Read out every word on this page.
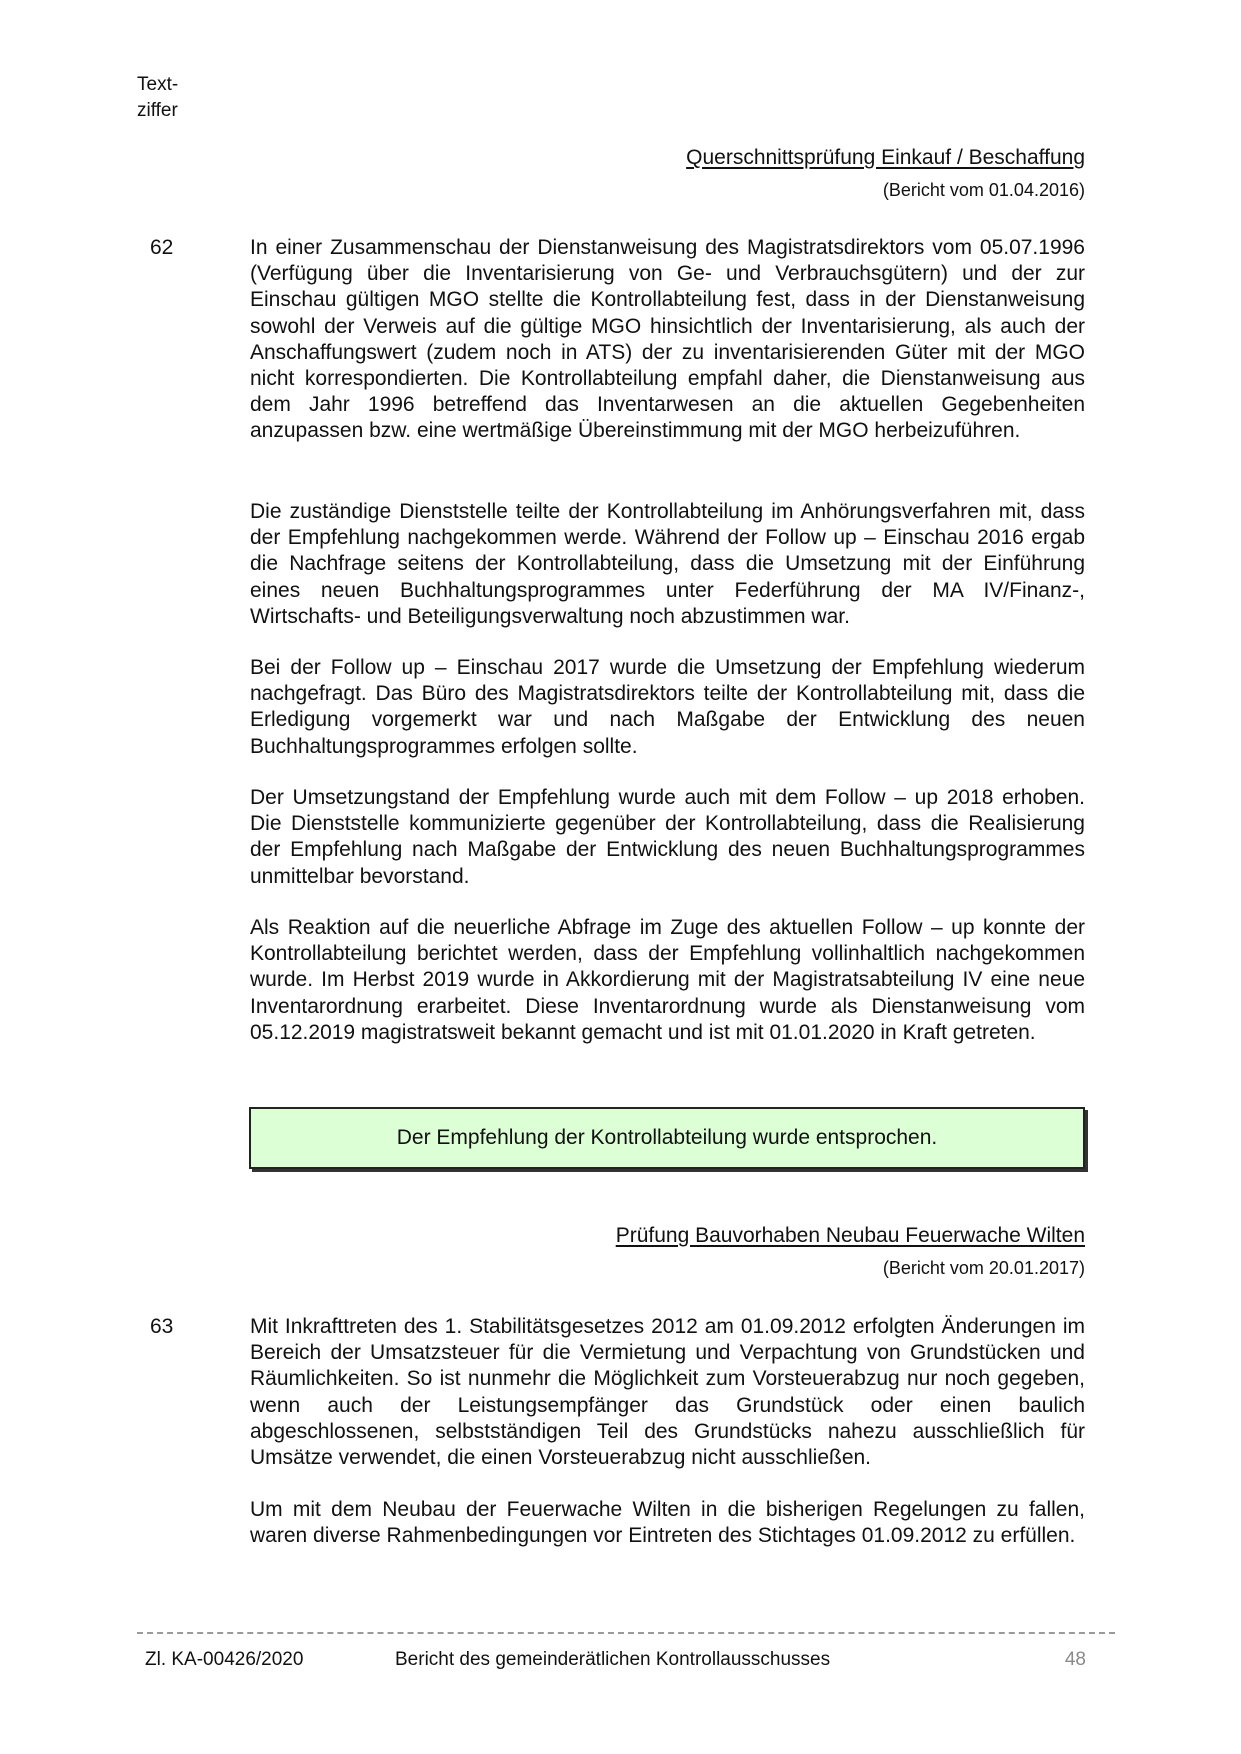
Text-
ziffer
Querschnittsprüfung Einkauf / Beschaffung
(Bericht vom 01.04.2016)
62	In einer Zusammenschau der Dienstanweisung des Magistratsdirektors vom 05.07.1996 (Verfügung über die Inventarisierung von Ge- und Verbrauchsgütern) und der zur Einschau gültigen MGO stellte die Kontrollabteilung fest, dass in der Dienstanweisung sowohl der Verweis auf die gültige MGO hinsichtlich der Inventarisierung, als auch der Anschaffungswert (zudem noch in ATS) der zu inventarisierenden Güter mit der MGO nicht korrespondierten. Die Kontrollabteilung empfahl daher, die Dienstanweisung aus dem Jahr 1996 betreffend das Inventarwesen an die aktuellen Gegebenheiten anzupassen bzw. eine wertmäßige Übereinstimmung mit der MGO herbeizuführen.

Die zuständige Dienststelle teilte der Kontrollabteilung im Anhörungsverfahren mit, dass der Empfehlung nachgekommen werde. Während der Follow up – Einschau 2016 ergab die Nachfrage seitens der Kontrollabteilung, dass die Umsetzung mit der Einführung eines neuen Buchhaltungsprogrammes unter Federführung der MA IV/Finanz-, Wirtschafts- und Beteiligungsverwaltung noch abzustimmen war.

Bei der Follow up – Einschau 2017 wurde die Umsetzung der Empfehlung wiederum nachgefragt. Das Büro des Magistratsdirektors teilte der Kontrollabteilung mit, dass die Erledigung vorgemerkt war und nach Maßgabe der Entwicklung des neuen Buchhaltungsprogrammes erfolgen sollte.

Der Umsetzungstand der Empfehlung wurde auch mit dem Follow – up 2018 erhoben. Die Dienststelle kommunizierte gegenüber der Kontrollabteilung, dass die Realisierung der Empfehlung nach Maßgabe der Entwicklung des neuen Buchhaltungsprogrammes unmittelbar bevorstand.

Als Reaktion auf die neuerliche Abfrage im Zuge des aktuellen Follow – up konnte der Kontrollabteilung berichtet werden, dass der Empfehlung vollinhaltlich nachgekommen wurde. Im Herbst 2019 wurde in Akkordierung mit der Magistratsabteilung IV eine neue Inventarordnung erarbeitet. Diese Inventarordnung wurde als Dienstanweisung vom 05.12.2019 magistratsweit bekannt gemacht und ist mit 01.01.2020 in Kraft getreten.

Der Empfehlung der Kontrollabteilung wurde entsprochen.
Prüfung Bauvorhaben Neubau Feuerwache Wilten
(Bericht vom 20.01.2017)
63	Mit Inkrafttreten des 1. Stabilitätsgesetzes 2012 am 01.09.2012 erfolgten Änderungen im Bereich der Umsatzsteuer für die Vermietung und Verpachtung von Grundstücken und Räumlichkeiten. So ist nunmehr die Möglichkeit zum Vorsteuerabzug nur noch gegeben, wenn auch der Leistungsempfänger das Grundstück oder einen baulich abgeschlossenen, selbstständigen Teil des Grundstücks nahezu ausschließlich für Umsätze verwendet, die einen Vorsteuerabzug nicht ausschließen.

Um mit dem Neubau der Feuerwache Wilten in die bisherigen Regelungen zu fallen, waren diverse Rahmenbedingungen vor Eintreten des Stichtages 01.09.2012 zu erfüllen.

Zl. KA-00426/2020	Bericht des gemeinderätlichen Kontrollausschusses	48
